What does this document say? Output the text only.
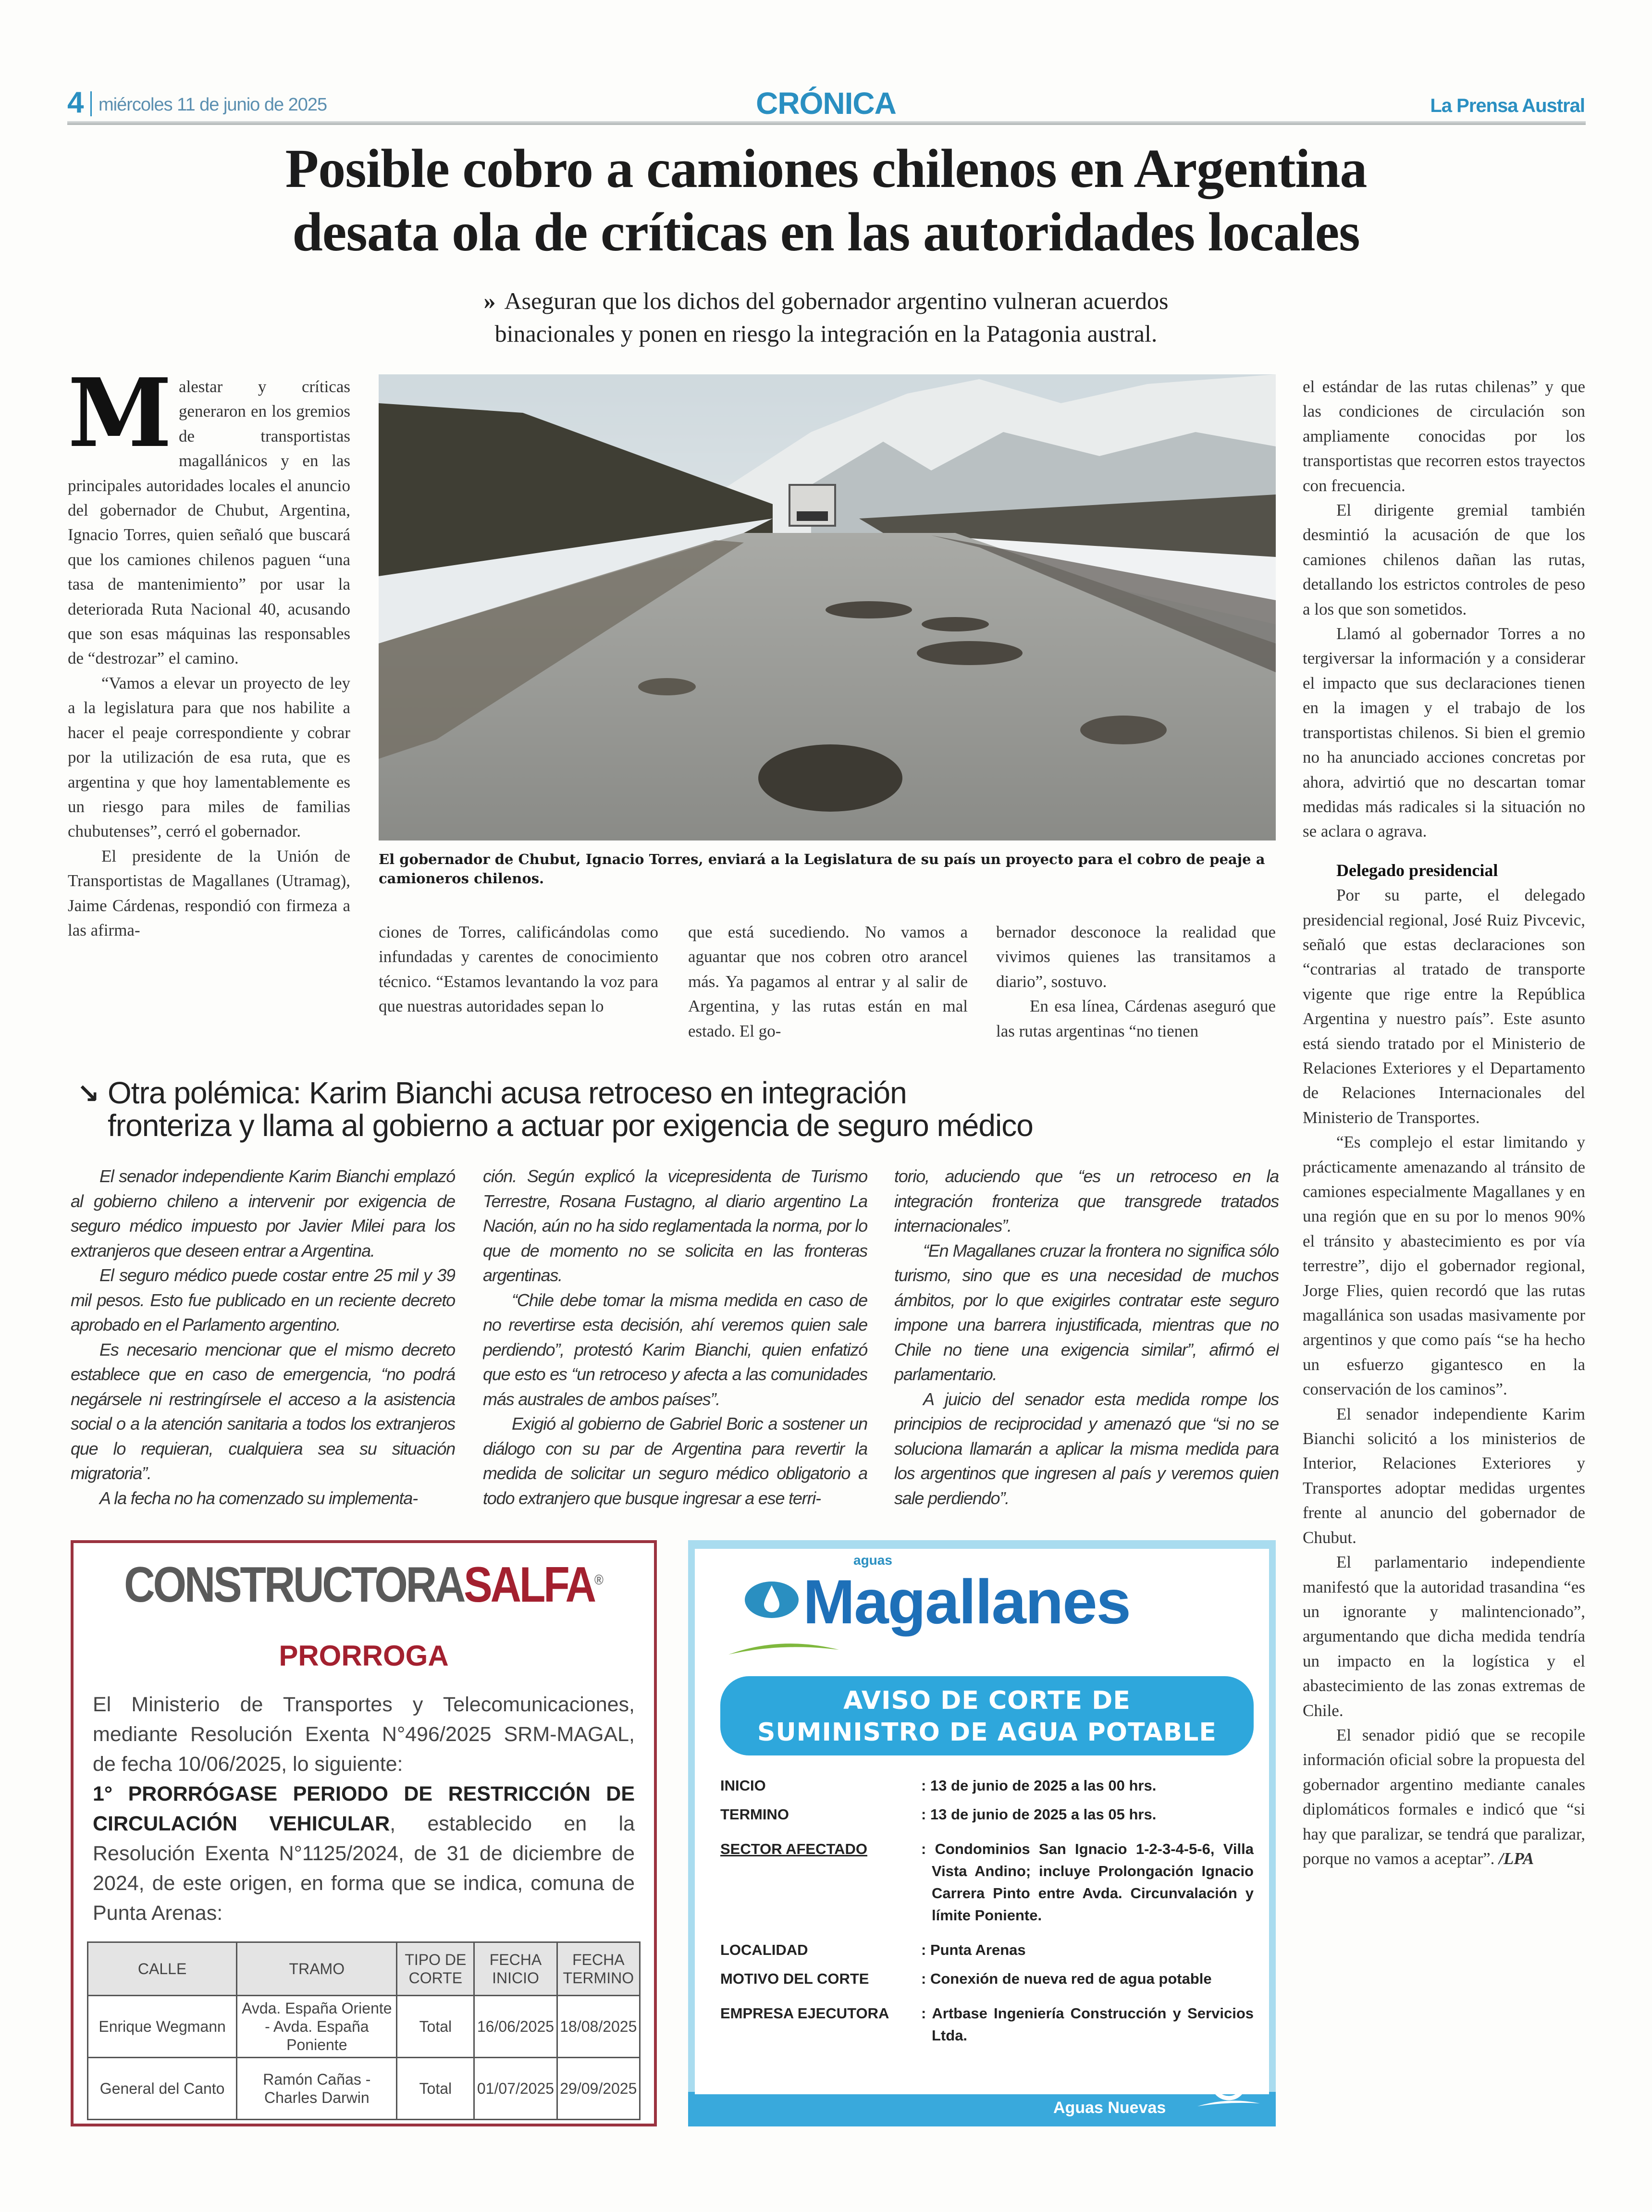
4 miércoles 11 de junio de 2025	CRÓNICA	La Prensa Austral
Posible cobro a camiones chilenos en Argentina
desata ola de críticas en las autoridades locales
» Aseguran que los dichos del gobernador argentino vulneran acuerdos
binacionales y ponen en riesgo la integración en la Patagonia austral.
M alestar y críticas generaron en los gremios de transportistas magallánicos y en las principales autoridades locales el anuncio del gobernador de Chubut, Argentina, Ignacio Torres, quien señaló que buscará que los camiones chilenos paguen “una tasa de mantenimiento” por usar la deteriorada Ruta Nacional 40, acusando que son esas máquinas las responsables de “destrozar” el camino.

“Vamos a elevar un proyecto de ley a la legislatura para que nos habilite a hacer el peaje correspondiente y cobrar por la utilización de esa ruta, que es argentina y que hoy lamentablemente es un riesgo para miles de familias chubutenses”, cerró el gobernador.

El presidente de la Unión de Transportistas de Magallanes (Utramag), Jaime Cárdenas, respondió con firmeza a las afirma-

El gobernador de Chubut, Ignacio Torres, enviará a la Legislatura de su país un proyecto para el cobro de peaje a camioneros chilenos.

ciones de Torres, calificándolas como infundadas y carentes de conocimiento técnico. “Estamos levantando la voz para que nuestras autoridades sepan lo

que está sucediendo. No vamos a aguantar que nos cobren otro arancel más. Ya pagamos al entrar y al salir de Argentina, y las rutas están en mal estado. El go-

bernador desconoce la realidad que vivimos quienes las transitamos a diario”, sostuvo.

En esa línea, Cárdenas aseguró que las rutas argentinas “no tienen

el estándar de las rutas chilenas” y que las condiciones de circulación son ampliamente conocidas por los transportistas que recorren estos trayectos con frecuencia.

El dirigente gremial también desmintió la acusación de que los camiones chilenos dañan las rutas, detallando los estrictos controles de peso a los que son sometidos.

Llamó al gobernador Torres a no tergiversar la información y a considerar el impacto que sus declaraciones tienen en la imagen y el trabajo de los transportistas chilenos. Si bien el gremio no ha anunciado acciones concretas por ahora, advirtió que no descartan tomar medidas más radicales si la situación no se aclara o agrava.

Delegado presidencial

Por su parte, el delegado presidencial regional, José Ruiz Pivcevic, señaló que estas declaraciones son “contrarias al tratado de transporte vigente que rige entre la República Argentina y nuestro país”. Este asunto está siendo tratado por el Ministerio de Relaciones Exteriores y el Departamento de Relaciones Internacionales del Ministerio de Transportes.

“Es complejo el estar limitando y prácticamente amenazando al tránsito de camiones especialmente Magallanes y en una región que en su por lo menos 90% el tránsito y abastecimiento es por vía terrestre”, dijo el gobernador regional, Jorge Flies, quien recordó que las rutas magallánica son usadas masivamente por argentinos y que como país “se ha hecho un esfuerzo gigantesco en la conservación de los caminos”.

El senador independiente Karim Bianchi solicitó a los ministerios de Interior, Relaciones Exteriores y Transportes adoptar medidas urgentes frente al anuncio del gobernador de Chubut.

El parlamentario independiente manifestó que la autoridad trasandina “es un ignorante y malintencionado”, argumentando que dicha medida tendría un impacto en la logística y el abastecimiento de las zonas extremas de Chile.

El senador pidió que se recopile información oficial sobre la propuesta del gobernador argentino mediante canales diplomáticos formales e indicó que “si hay que paralizar, se tendrá que paralizar, porque no vamos a aceptar”. /LPA

↘ Otra polémica: Karim Bianchi acusa retroceso en integración
fronteriza y llama al gobierno a actuar por exigencia de seguro médico

El senador independiente Karim Bianchi emplazó al gobierno chileno a intervenir por exigencia de seguro médico impuesto por Javier Milei para los extranjeros que deseen entrar a Argentina.

El seguro médico puede costar entre 25 mil y 39 mil pesos. Esto fue publicado en un reciente decreto aprobado en el Parlamento argentino.

Es necesario mencionar que el mismo decreto establece que en caso de emergencia, “no podrá negársele ni restringírsele el acceso a la asistencia social o a la atención sanitaria a todos los extranjeros que lo requieran, cualquiera sea su situación migratoria”.

A la fecha no ha comenzado su implementa-

ción. Según explicó la vicepresidenta de Turismo Terrestre, Rosana Fustagno, al diario argentino La Nación, aún no ha sido reglamentada la norma, por lo que de momento no se solicita en las fronteras argentinas.

“Chile debe tomar la misma medida en caso de no revertirse esta decisión, ahí veremos quien sale perdiendo”, protestó Karim Bianchi, quien enfatizó que esto es “un retroceso y afecta a las comunidades más australes de ambos países”.

Exigió al gobierno de Gabriel Boric a sostener un diálogo con su par de Argentina para revertir la medida de solicitar un seguro médico obligatorio a todo extranjero que busque ingresar a ese terri-

torio, aduciendo que “es un retroceso en la integración fronteriza que transgrede tratados internacionales”.

“En Magallanes cruzar la frontera no significa sólo turismo, sino que es una necesidad de muchos ámbitos, por lo que exigirles contratar este seguro impone una barrera injustificada, mientras que no Chile no tiene una exigencia similar”, afirmó el parlamentario.

A juicio del senador esta medida rompe los principios de reciprocidad y amenazó que “si no se soluciona llamarán a aplicar la misma medida para los argentinos que ingresen al país y veremos quien sale perdiendo”.

CONSTRUCTORASALFA®
PRORROGA
El Ministerio de Transportes y Telecomunicaciones, mediante Resolución Exenta N°496/2025 SRM-MAGAL, de fecha 10/06/2025, lo siguiente:
1° PRORRÓGASE PERIODO DE RESTRICCIÓN DE CIRCULACIÓN VEHICULAR, establecido en la Resolución Exenta N°1125/2024, de 31 de diciembre de 2024, de este origen, en forma que se indica, comuna de Punta Arenas:
CALLE	TRAMO	TIPO DE CORTE	FECHA INICIO	FECHA TERMINO
Enrique Wegmann	Avda. España Oriente - Avda. España Poniente	Total	16/06/2025	18/08/2025
General del Canto	Ramón Cañas - Charles Darwin	Total	01/07/2025	29/09/2025
aguas
Magallanes
AVISO DE CORTE DE
SUMINISTRO DE AGUA POTABLE
INICIO	: 13 de junio de 2025 a las 00 hrs.
TERMINO	: 13 de junio de 2025 a las 05 hrs.
SECTOR AFECTADO	: Condominios San Ignacio 1-2-3-4-5-6, Villa Vista Andino; incluye Prolongación Ignacio Carrera Pinto entre Avda. Circunvalación y límite Poniente.
LOCALIDAD	: Punta Arenas
MOTIVO DEL CORTE	: Conexión de nueva red de agua potable
EMPRESA EJECUTORA	: Artbase Ingeniería Construcción y Servicios Ltda.
Una empresa
Aguas Nuevas
